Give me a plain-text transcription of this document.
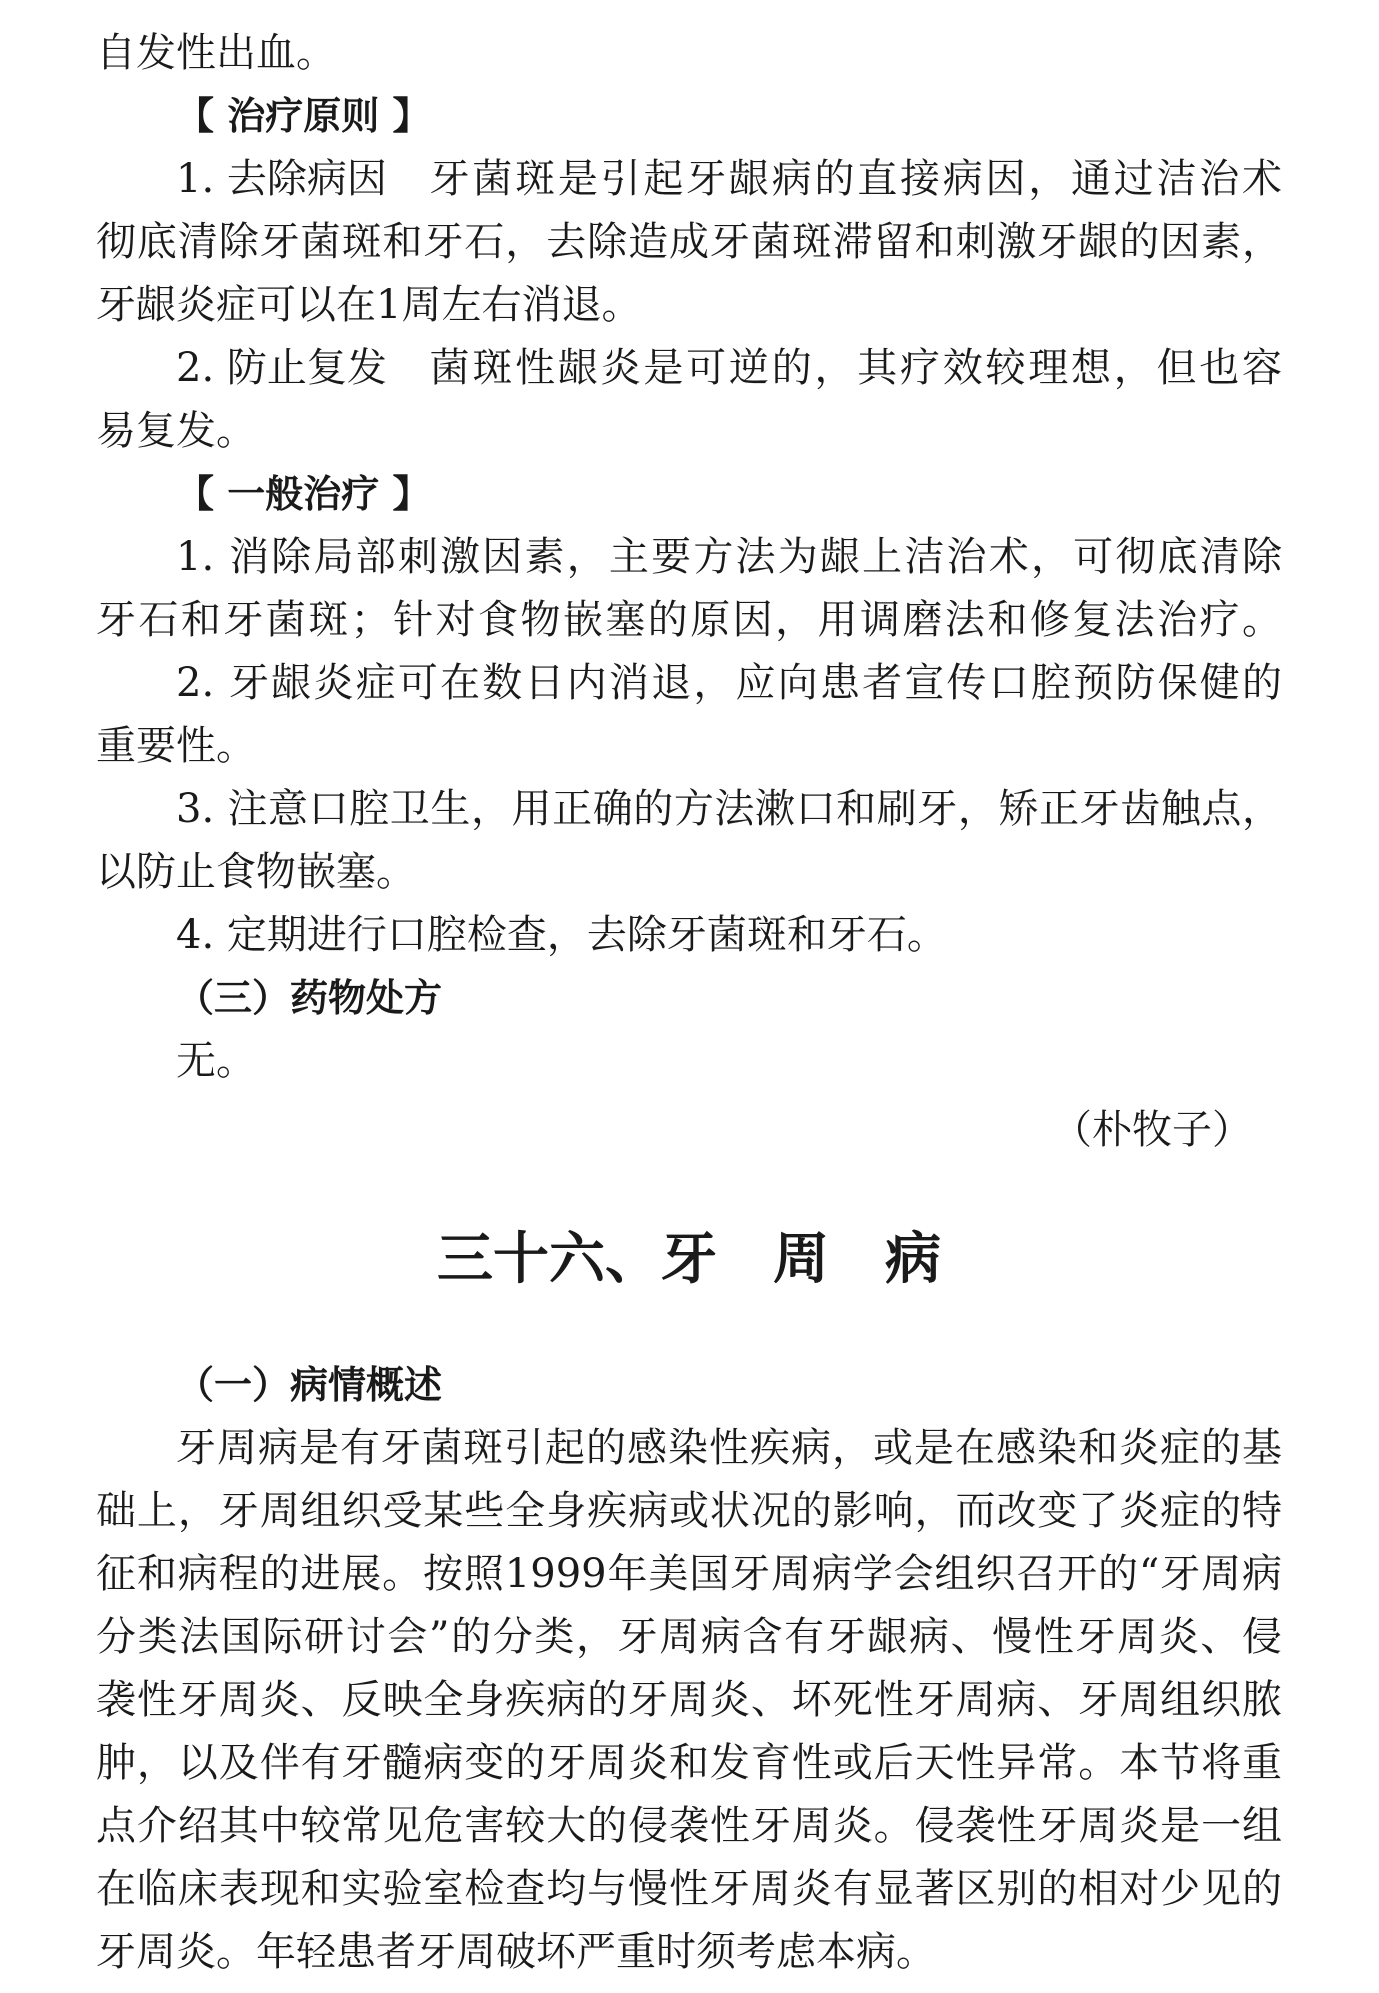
自发性出血。

【 治疗原则 】

1. 去除病因 牙菌斑是引起牙龈病的直接病因，通过洁治术

彻底清除牙菌斑和牙石，去除造成牙菌斑滞留和刺激牙龈的因素，

牙龈炎症可以在1周左右消退。

2. 防止复发 菌斑性龈炎是可逆的，其疗效较理想，但也容

易复发。

【 一般治疗 】

1. 消除局部刺激因素，主要方法为龈上洁治术，可彻底清除

牙石和牙菌斑；针对食物嵌塞的原因，用调磨法和修复法治疗。

2. 牙龈炎症可在数日内消退，应向患者宣传口腔预防保健的

重要性。

3. 注意口腔卫生，用正确的方法漱口和刷牙，矫正牙齿触点，

以防止食物嵌塞。

4. 定期进行口腔检查，去除牙菌斑和牙石。

（三）药物处方

无。

（朴牧子）

三十六、牙　周　病

（一）病情概述

牙周病是有牙菌斑引起的感染性疾病，或是在感染和炎症的基

础上，牙周组织受某些全身疾病或状况的影响，而改变了炎症的特

征和病程的进展。按照1999年美国牙周病学会组织召开的“牙周病

分类法国际研讨会”的分类，牙周病含有牙龈病、慢性牙周炎、侵

袭性牙周炎、反映全身疾病的牙周炎、坏死性牙周病、牙周组织脓

肿，以及伴有牙髓病变的牙周炎和发育性或后天性异常。本节将重

点介绍其中较常见危害较大的侵袭性牙周炎。侵袭性牙周炎是一组

在临床表现和实验室检查均与慢性牙周炎有显著区别的相对少见的

牙周炎。年轻患者牙周破坏严重时须考虑本病。
